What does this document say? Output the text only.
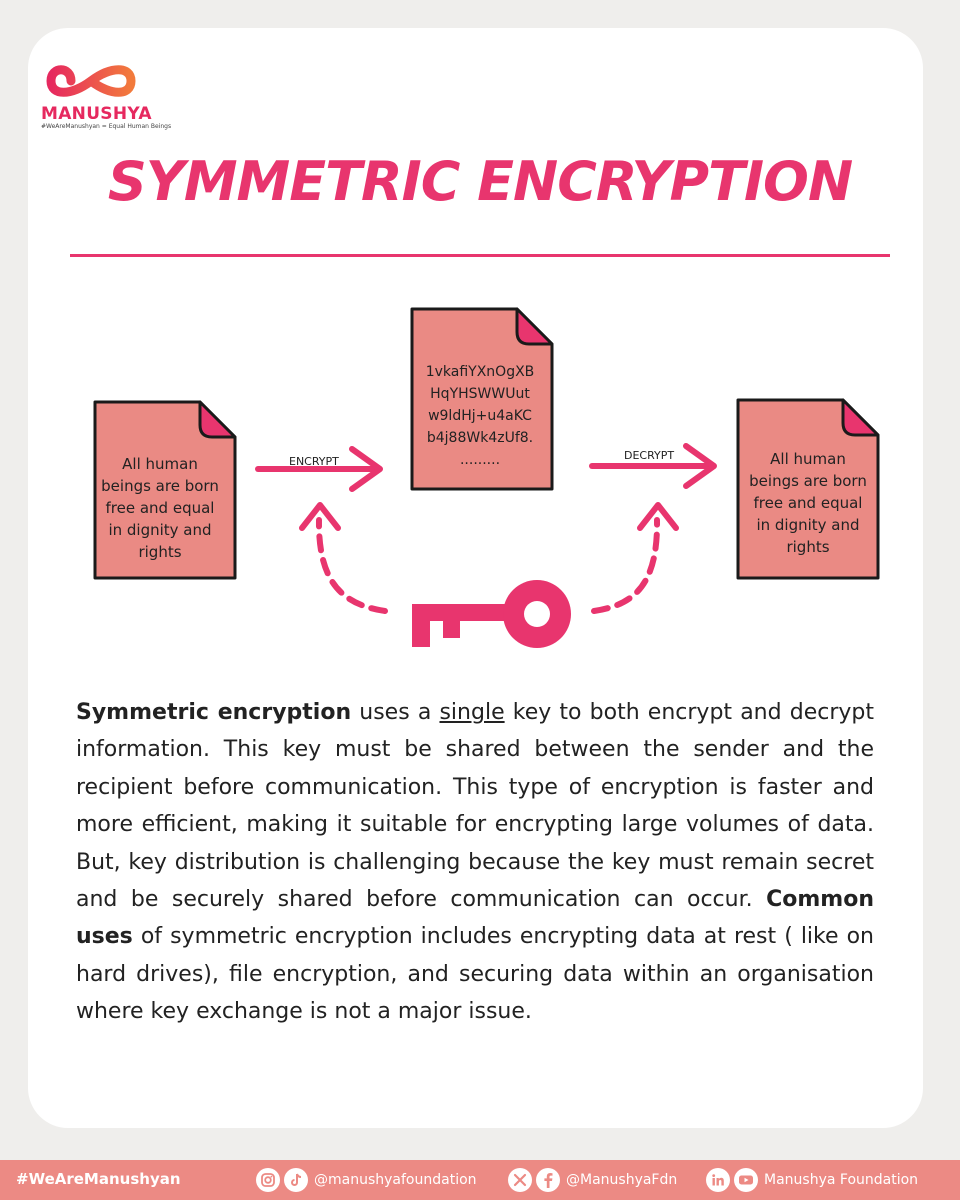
MANUSHYA
#WeAreManushyan = Equal Human Beings
SYMMETRIC ENCRYPTION
All human
beings are born
free and equal
in dignity and
rights
1vkafiYXnOgXB
HqYHSWWUut
w9ldHj+u4aKC
b4j88Wk4zUf8.
.........	All human
beings are born
free and equal
in dignity and
rights
ENCRYPT	DECRYPT
Symmetric encryption uses a single key to both encrypt and decrypt information. This key must be shared between the sender and the recipient before communication. This type of encryption is faster and more efficient, making it suitable for encrypting large volumes of data. But, key distribution is challenging because the key must remain secret and be securely shared before communication can occur. Common uses of symmetric encryption includes encrypting data at rest ( like on hard drives), file encryption, and securing data within an organisation where key exchange is not a major issue.
#WeAreManushyan	@manushyafoundation	@ManushyaFdn	Manushya Foundation
